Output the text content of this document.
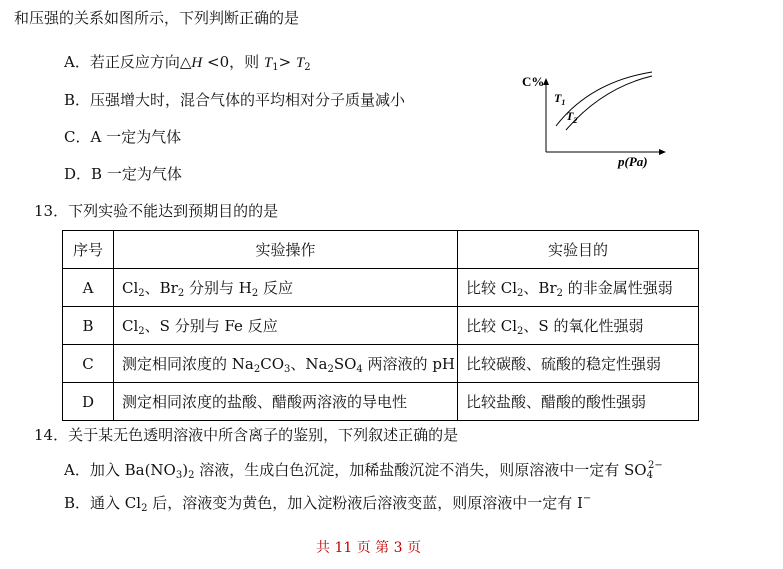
和压强的关系如图所示，下列判断正确的是
A．若正反应方向△H <0，则 $T_1> T_2$
B．压强增大时，混合气体的平均相对分子质量减小
C．A 一定为气体
D．B 一定为气体
C%
p(Pa)
$T_1$
$T_2$
13．下列实验不能达到预期目的的是
序号	实验操作	实验目的
A	$Cl_2$、$Br_2$ 分别与 $H_2$ 反应	比较 $Cl_2$、$Br_2$ 的非金属性强弱
B	$Cl_2$、S 分别与 Fe 反应	比较 $Cl_2$、S 的氧化性强弱
C	测定相同浓度的 $Na_2CO_3$、$Na_2SO_4$ 两溶液的 pH	比较碳酸、硫酸的稳定性强弱
D	测定相同浓度的盐酸、醋酸两溶液的导电性	比较盐酸、醋酸的酸性强弱
14．关于某无色透明溶液中所含离子的鉴别，下列叙述正确的是
A．加入 $Ba(NO_3)_2$ 溶液，生成白色沉淀，加稀盐酸沉淀不消失，则原溶液中一定有 $SO_4^{2-}$
B．通入 $Cl_2$ 后，溶液变为黄色，加入淀粉液后溶液变蓝，则原溶液中一定有 I−
共 11 页 第 3 页
